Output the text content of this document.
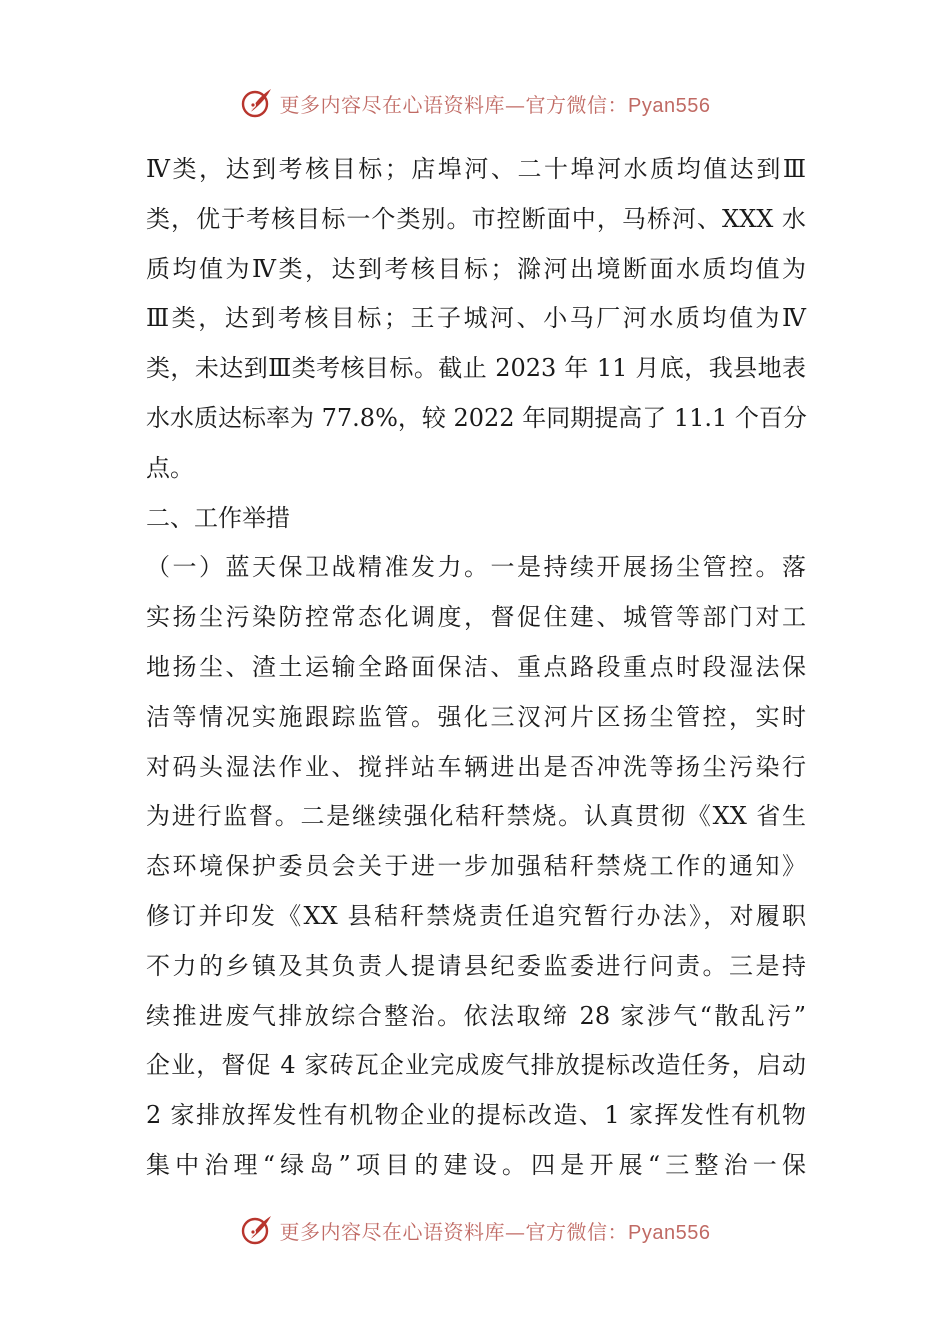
更多内容尽在心语资料库—官方微信：Pyan556
Ⅳ类，达到考核目标；店埠河、二十埠河水质均值达到Ⅲ
类，优于考核目标一个类别。市控断面中，马桥河、XXX 水
质均值为Ⅳ类，达到考核目标；滁河出境断面水质均值为
Ⅲ类，达到考核目标；王子城河、小马厂河水质均值为Ⅳ
类，未达到Ⅲ类考核目标。截止 2023 年 11 月底，我县地表
水水质达标率为 77.8%，较 2022 年同期提高了 11.1 个百分
点。
二、工作举措
（一）蓝天保卫战精准发力。一是持续开展扬尘管控。落
实扬尘污染防控常态化调度，督促住建、城管等部门对工
地扬尘、渣土运输全路面保洁、重点路段重点时段湿法保
洁等情况实施跟踪监管。强化三汊河片区扬尘管控，实时
对码头湿法作业、搅拌站车辆进出是否冲洗等扬尘污染行
为进行监督。二是继续强化秸秆禁烧。认真贯彻《XX 省生
态环境保护委员会关于进一步加强秸秆禁烧工作的通知》
修订并印发《XX 县秸秆禁烧责任追究暂行办法》，对履职
不力的乡镇及其负责人提请县纪委监委进行问责。三是持
续推进废气排放综合整治。依法取缔 28 家涉气“散乱污”
企业，督促 4 家砖瓦企业完成废气排放提标改造任务，启动
2 家排放挥发性有机物企业的提标改造、1 家挥发性有机物
集中治理“绿岛”项目的建设。四是开展“三整治一保
更多内容尽在心语资料库—官方微信：Pyan556
